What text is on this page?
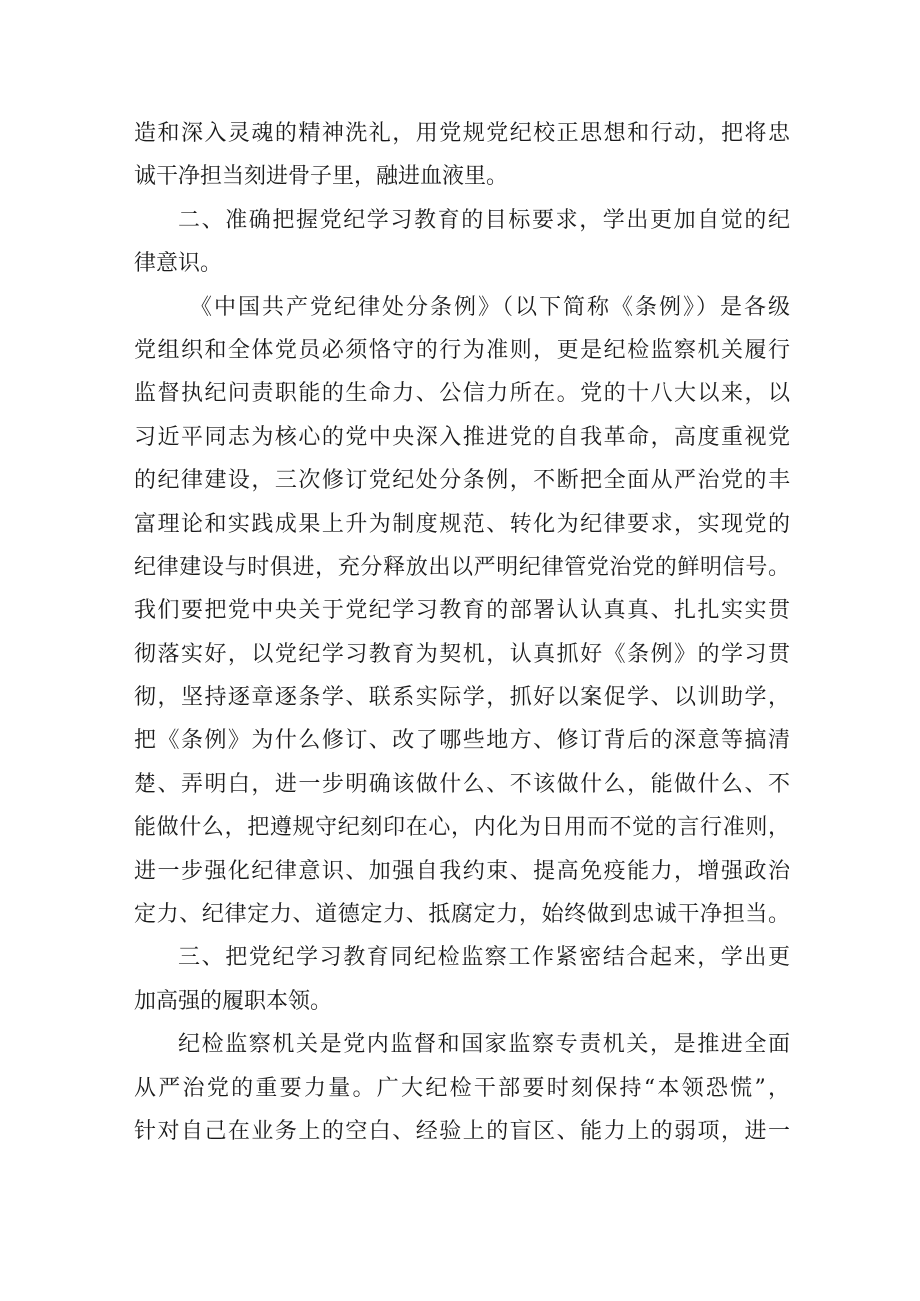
造和深入灵魂的精神洗礼，用党规党纪校正思想和行动，把将忠
诚干净担当刻进骨子里，融进血液里。
二、准确把握党纪学习教育的目标要求，学出更加自觉的纪
律意识。
《中国共产党纪律处分条例》（以下简称《条例》）是各级
党组织和全体党员必须恪守的行为准则，更是纪检监察机关履行
监督执纪问责职能的生命力、公信力所在。党的十八大以来，以
习近平同志为核心的党中央深入推进党的自我革命，高度重视党
的纪律建设，三次修订党纪处分条例，不断把全面从严治党的丰
富理论和实践成果上升为制度规范、转化为纪律要求，实现党的
纪律建设与时俱进，充分释放出以严明纪律管党治党的鲜明信号。
我们要把党中央关于党纪学习教育的部署认认真真、扎扎实实贯
彻落实好，以党纪学习教育为契机，认真抓好《条例》的学习贯
彻，坚持逐章逐条学、联系实际学，抓好以案促学、以训助学，
把《条例》为什么修订、改了哪些地方、修订背后的深意等搞清
楚、弄明白，进一步明确该做什么、不该做什么，能做什么、不
能做什么，把遵规守纪刻印在心，内化为日用而不觉的言行准则，
进一步强化纪律意识、加强自我约束、提高免疫能力，增强政治
定力、纪律定力、道德定力、抵腐定力，始终做到忠诚干净担当。
三、把党纪学习教育同纪检监察工作紧密结合起来，学出更
加高强的履职本领。
纪检监察机关是党内监督和国家监察专责机关，是推进全面
从严治党的重要力量。广大纪检干部要时刻保持“本领恐慌”，
针对自己在业务上的空白、经验上的盲区、能力上的弱项，进一
